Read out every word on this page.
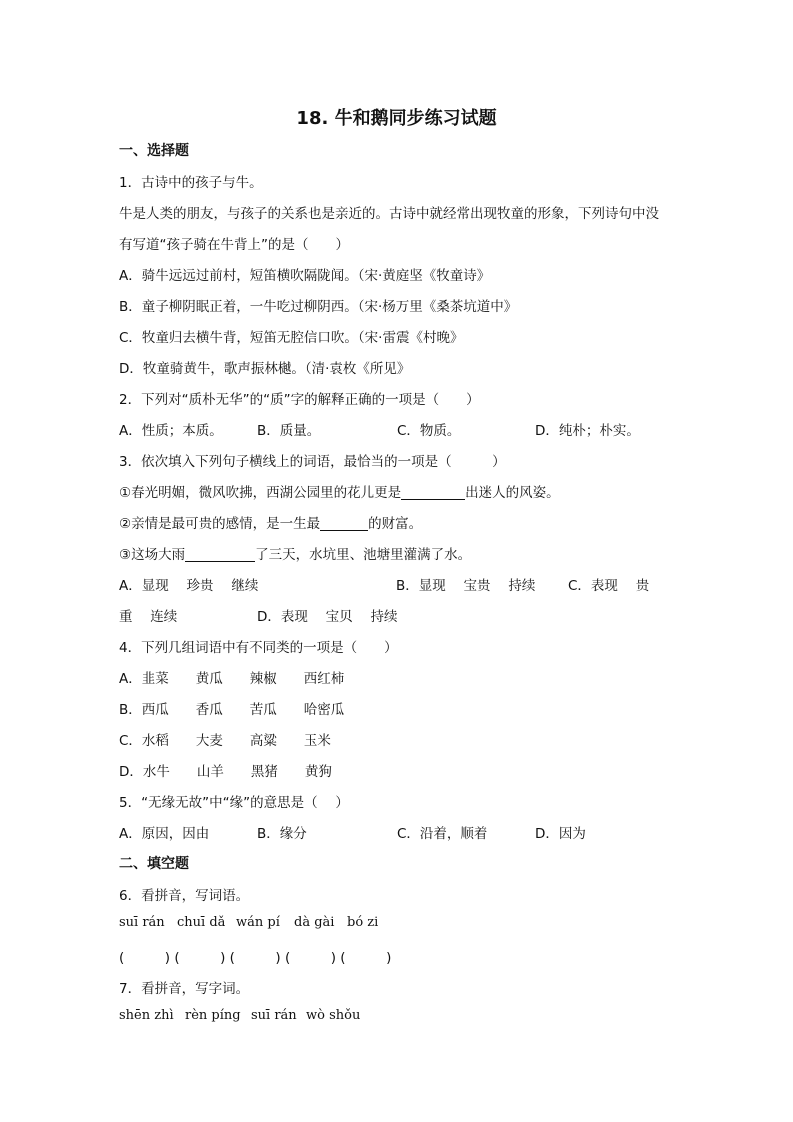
18. 牛和鹅同步练习试题
一、选择题
1．古诗中的孩子与牛。
牛是人类的朋友，与孩子的关系也是亲近的。古诗中就经常出现牧童的形象，下列诗句中没
有写道“孩子骑在牛背上”的是（　　）
A．骑牛远远过前村，短笛横吹隔陇闻。（宋·黄庭坚《牧童诗》
B．童子柳阴眠正着，一牛吃过柳阴西。（宋·杨万里《桑茶坑道中》
C．牧童归去横牛背，短笛无腔信口吹。（宋·雷震《村晚》
D．牧童骑黄牛，歌声振林樾。（清·袁枚《所见》
2．下列对“质朴无华”的“质”字的解释正确的一项是（　　）
A．性质；本质。	B．质量。	C．物质。	D．纯朴；朴实。
3．依次填入下列句子横线上的词语，最恰当的一项是（　　　）
①春光明媚，微风吹拂，西湖公园里的花儿更是	出迷人的风姿。
②亲情是最可贵的感情，是一生最	的财富。
③这场大雨	了三天，水坑里、池塘里灌满了水。
A．显现　 珍贵　 继续	B．显现　 宝贵　 持续 C．表现　 贵
重　 连续	D．表现　 宝贝　 持续
4．下列几组词语中有不同类的一项是（　　）
A．韭菜　　黄瓜　　辣椒　　西红柿
B．西瓜　　香瓜　　苦瓜　　哈密瓜
C．水稻　　大麦　　高粱　　玉米
D．水牛　　山羊　　黑猪　　黄狗
5．“无缘无故”中“缘”的意思是（　 ）
A．原因，因由	B．缘分	C．沿着，顺着	D．因为
二、填空题
6．看拼音，写词语。
suī rán chuī dǎ wán pí dà gài bó zi
(　　　) (　　　) (　　　) (　　　) (　　　)
7．看拼音，写字词。
shēn zhì rèn píng suī rán wò shǒu
